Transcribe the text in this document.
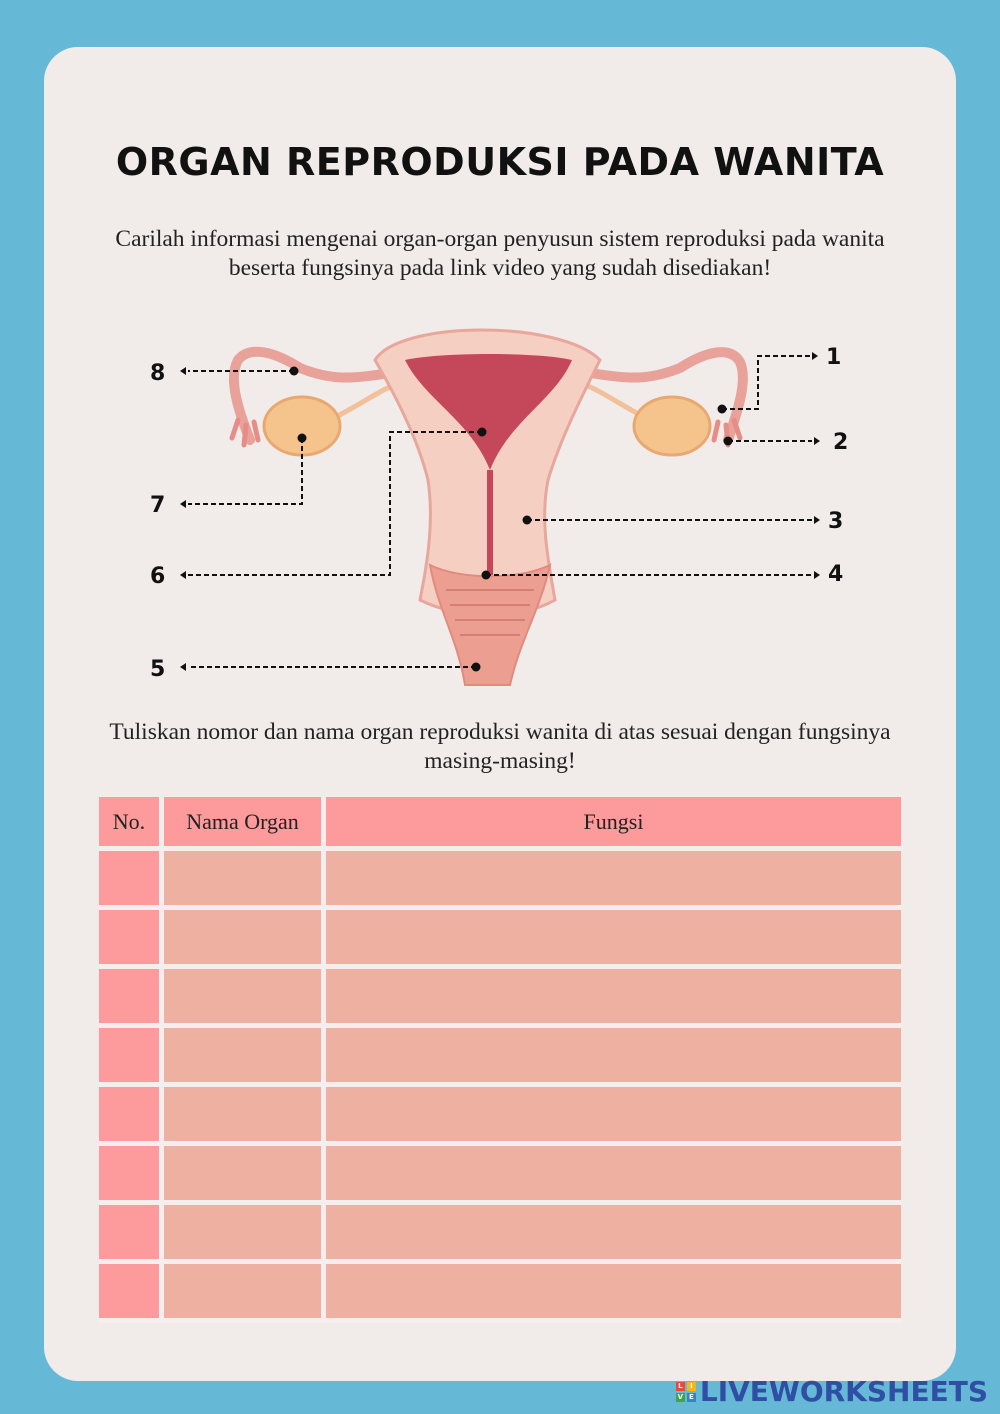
ORGAN REPRODUKSI PADA WANITA

Carilah informasi mengenai organ-organ penyusun sistem reproduksi pada wanita beserta fungsinya pada link video yang sudah disediakan!

1
2
3
4
5
6
7
8

Tuliskan nomor dan nama organ reproduksi wanita di atas sesuai dengan fungsinya masing-masing!

No.	Nama Organ	Fungsi

L	I
V E LIVEWORKSHEETS
